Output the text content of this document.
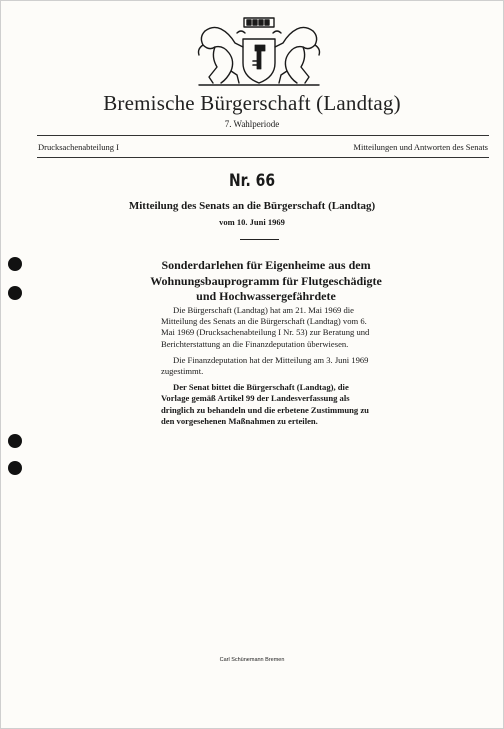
Bremische Bürgerschaft (Landtag)
7. Wahlperiode
Drucksachenabteilung I	Mitteilungen und Antworten des Senats
Nr. 66
Mitteilung des Senats an die Bürgerschaft (Landtag)
vom 10. Juni 1969
Sonderdarlehen für Eigenheime aus dem
Wohnungsbauprogramm für Flutgeschädigte
und Hochwassergefährdete

Die Bürgerschaft (Landtag) hat am 21. Mai 1969 die Mitteilung des Senats an die Bürgerschaft (Landtag) vom 6. Mai 1969 (Drucksachenabteilung I Nr. 53) zur Beratung und Berichterstattung an die Finanzdeputation überwiesen.

Die Finanzdeputation hat der Mitteilung am 3. Juni 1969 zugestimmt.

Der Senat bittet die Bürgerschaft (Landtag), die Vorlage gemäß Artikel 99 der Landesverfassung als dringlich zu behandeln und die erbetene Zustimmung zu den vorgesehenen Maßnahmen zu erteilen.

Carl Schünemann Bremen
